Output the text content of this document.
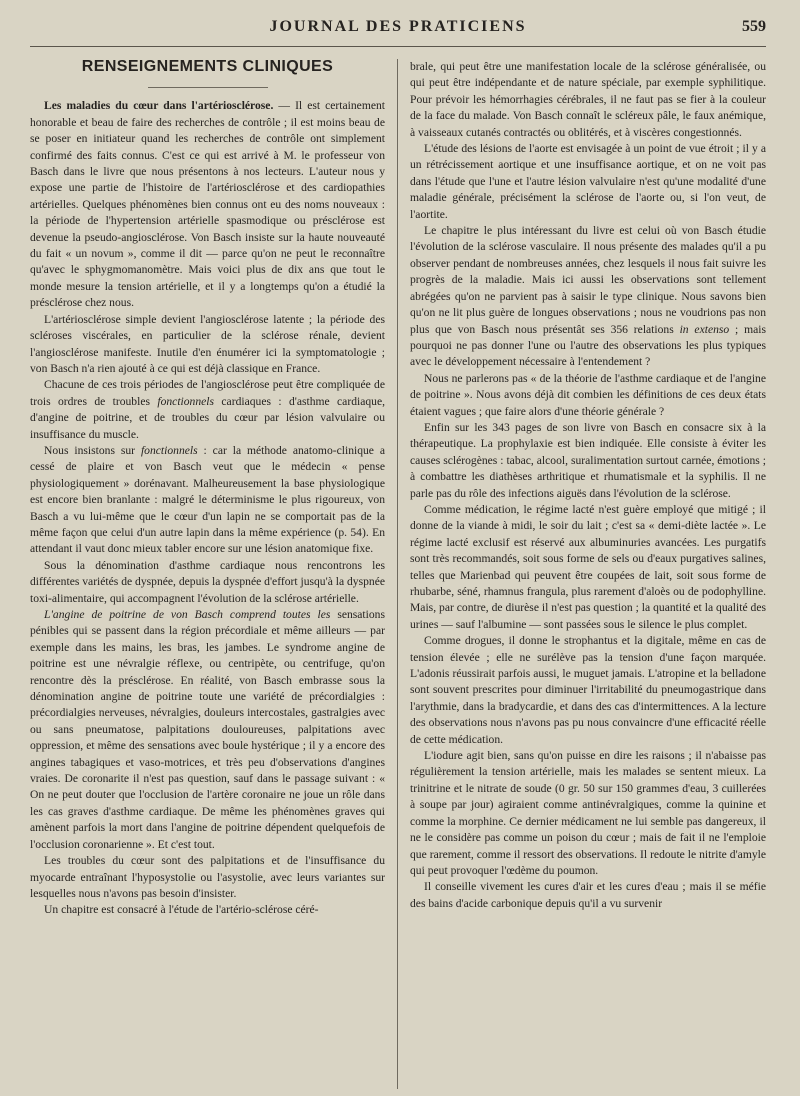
JOURNAL DES PRATICIENS	559
RENSEIGNEMENTS CLINIQUES

Les maladies du cœur dans l'artériosclérose. — Il est certainement honorable et beau de faire des recherches de contrôle ; il est moins beau de se poser en initiateur quand les recherches de contrôle ont simplement confirmé des faits connus. C'est ce qui est arrivé à M. le professeur von Basch dans le livre que nous présentons à nos lecteurs. L'auteur nous y expose une partie de l'histoire de l'artériosclérose et des cardiopathies artérielles. Quelques phénomènes bien connus ont eu des noms nouveaux : la période de l'hypertension artérielle spasmodique ou présclérose est devenue la pseudo-angiosclérose. Von Basch insiste sur la haute nouveauté du fait « un novum », comme il dit — parce qu'on ne peut le reconnaître qu'avec le sphygmomanomètre. Mais voici plus de dix ans que tout le monde mesure la tension artérielle, et il y a longtemps qu'on a étudié la présclérose chez nous.

L'artériosclérose simple devient l'angiosclérose latente ; la période des scléroses viscérales, en particulier de la sclérose rénale, devient l'angiosclérose manifeste. Inutile d'en énumérer ici la symptomatologie ; von Basch n'a rien ajouté à ce qui est déjà classique en France.

Chacune de ces trois périodes de l'angiosclérose peut être compliquée de trois ordres de troubles fonctionnels cardiaques : d'asthme cardiaque, d'angine de poitrine, et de troubles du cœur par lésion valvulaire ou insuffisance du muscle.

Nous insistons sur fonctionnels : car la méthode anatomo-clinique a cessé de plaire et von Basch veut que le médecin « pense physiologiquement » dorénavant. Malheureusement la base physiologique est encore bien branlante : malgré le déterminisme le plus rigoureux, von Basch a vu lui-même que le cœur d'un lapin ne se comportait pas de la même façon que celui d'un autre lapin dans la même expérience (p. 54). En attendant il vaut donc mieux tabler encore sur une lésion anatomique fixe.

Sous la dénomination d'asthme cardiaque nous rencontrons les différentes variétés de dyspnée, depuis la dyspnée d'effort jusqu'à la dyspnée toxi-alimentaire, qui accompagnent l'évolution de la sclérose artérielle.

L'angine de poitrine de von Basch comprend toutes les sensations pénibles qui se passent dans la région précordiale et même ailleurs — par exemple dans les mains, les bras, les jambes. Le syndrome angine de poitrine est une névralgie réflexe, ou centripète, ou centrifuge, qu'on rencontre dès la présclérose. En réalité, von Basch embrasse sous la dénomination angine de poitrine toute une variété de précordialgies : précordialgies nerveuses, névralgies, douleurs intercostales, gastralgies avec ou sans pneumatose, palpitations douloureuses, palpitations avec oppression, et même des sensations avec boule hystérique ; il y a encore des angines tabagiques et vaso-motrices, et très peu d'observations d'angines vraies. De coronarite il n'est pas question, sauf dans le passage suivant : « On ne peut douter que l'occlusion de l'artère coronaire ne joue un rôle dans les cas graves d'asthme cardiaque. De même les phénomènes graves qui amènent parfois la mort dans l'angine de poitrine dépendent quelquefois de l'occlusion coronarienne ». Et c'est tout.

Les troubles du cœur sont des palpitations et de l'insuffisance du myocarde entraînant l'hyposystolie ou l'asystolie, avec leurs variantes sur lesquelles nous n'avons pas besoin d'insister.

Un chapitre est consacré à l'étude de l'artério-sclérose céré-

brale, qui peut être une manifestation locale de la sclérose généralisée, ou qui peut être indépendante et de nature spéciale, par exemple syphilitique. Pour prévoir les hémorrhagies cérébrales, il ne faut pas se fier à la couleur de la face du malade. Von Basch connaît le scléreux pâle, le faux anémique, à vaisseaux cutanés contractés ou oblitérés, et à viscères congestionnés.

L'étude des lésions de l'aorte est envisagée à un point de vue étroit ; il y a un rétrécissement aortique et une insuffisance aortique, et on ne voit pas dans l'étude que l'une et l'autre lésion valvulaire n'est qu'une modalité d'une maladie générale, précisément la sclérose de l'aorte ou, si l'on veut, de l'aortite.

Le chapitre le plus intéressant du livre est celui où von Basch étudie l'évolution de la sclérose vasculaire. Il nous présente des malades qu'il a pu observer pendant de nombreuses années, chez lesquels il nous fait suivre les progrès de la maladie. Mais ici aussi les observations sont tellement abrégées qu'on ne parvient pas à saisir le type clinique. Nous savons bien qu'on ne lit plus guère de longues observations ; nous ne voudrions pas non plus que von Basch nous présentât ses 356 relations in extenso ; mais pourquoi ne pas donner l'une ou l'autre des observations les plus typiques avec le développement nécessaire à l'entendement ?

Nous ne parlerons pas « de la théorie de l'asthme cardiaque et de l'angine de poitrine ». Nous avons déjà dit combien les définitions de ces deux états étaient vagues ; que faire alors d'une théorie générale ?

Enfin sur les 343 pages de son livre von Basch en consacre six à la thérapeutique. La prophylaxie est bien indiquée. Elle consiste à éviter les causes sclérogènes : tabac, alcool, suralimentation surtout carnée, émotions ; à combattre les diathèses arthritique et rhumatismale et la syphilis. Il ne parle pas du rôle des infections aiguës dans l'évolution de la sclérose.

Comme médication, le régime lacté n'est guère employé que mitigé ; il donne de la viande à midi, le soir du lait ; c'est sa « demi-diète lactée ». Le régime lacté exclusif est réservé aux albuminuries avancées. Les purgatifs sont très recommandés, soit sous forme de sels ou d'eaux purgatives salines, telles que Marienbad qui peuvent être coupées de lait, soit sous forme de rhubarbe, séné, rhamnus frangula, plus rarement d'aloès ou de podophylline. Mais, par contre, de diurèse il n'est pas question ; la quantité et la qualité des urines — sauf l'albumine — sont passées sous le silence le plus complet.

Comme drogues, il donne le strophantus et la digitale, même en cas de tension élevée ; elle ne surélève pas la tension d'une façon marquée. L'adonis réussirait parfois aussi, le muguet jamais. L'atropine et la belladone sont souvent prescrites pour diminuer l'irritabilité du pneumogastrique dans l'arythmie, dans la bradycardie, et dans des cas d'intermittences. A la lecture des observations nous n'avons pas pu nous convaincre d'une efficacité réelle de cette médication.

L'iodure agit bien, sans qu'on puisse en dire les raisons ; il n'abaisse pas régulièrement la tension artérielle, mais les malades se sentent mieux. La trinitrine et le nitrate de soude (0 gr. 50 sur 150 grammes d'eau, 3 cuillerées à soupe par jour) agiraient comme antinévralgiques, comme la quinine et comme la morphine. Ce dernier médicament ne lui semble pas dangereux, il ne le considère pas comme un poison du cœur ; mais de fait il ne l'emploie que rarement, comme il ressort des observations. Il redoute le nitrite d'amyle qui peut provoquer l'œdème du poumon.

Il conseille vivement les cures d'air et les cures d'eau ; mais il se méfie des bains d'acide carbonique depuis qu'il a vu survenir
